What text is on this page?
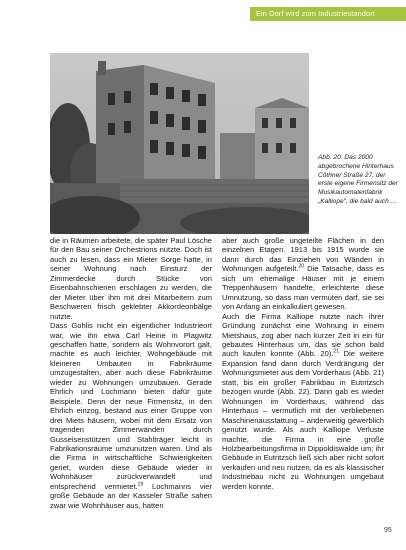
Ein Dorf wird zum Industriestandort
Abb. 20: Das 2000 abgebrochene Hinterhaus Cöthner Straße 27, der erste eigene Firmensitz der Musikautomatenfabrik „Kalliope“, die bald auch …

die in Räumen arbeitete, die später Paul Lösche für den Bau seiner Orchestrions nutzte. Doch ist auch zu lesen, dass ein Mieter Sorge hatte, in seiner Wohnung nach Einsturz der Zimmerdecke durch Stücke von Eisenbahnschienen erschlagen zu werden, die der Mieter über ihm mit drei Mitarbeitern zum Beschweren frisch geklebter Akkordeonbälge nutzte.

Dass Gohlis nicht ein eigentlicher Industrieort war, wie ihn etwa Carl Heine in Plagwitz geschaffen hatte, sondern als Wohnvorort galt, machte es auch leichter, Wohngebäude mit kleineren Umbauten in Fabrikräume umzugestalten, aber auch diese Fabrikräume wieder zu Wohnungen umzubauen. Gerade Ehrlich und Lochmann bieten dafür gute Beispiele. Denn der neue Firmensitz, in den Ehrlich einzog, bestand aus einer Gruppe von drei Miets häusern, wobei mit dem Ersatz von tragenden Zimmerwänden durch Gusseisenstützen und Stahlträger leicht in Fabrikationsräume umzunutzen waren. Und als die Firma in wirtschaftliche Schwierigkeiten geriet, wurden diese Gebäude wieder in Wohnhäuser zurückverwandelt und entsprechend vermietet.$^{19}$ Lochmanns vier große Gebäude an der Kasseler Straße sahen zwar wie Wohnhäuser aus, hatten

aber auch große ungeteilte Flächen in den einzelnen Etagen. 1913 bis 1915 wurde sie dann durch das Einziehen von Wänden in Wohnungen aufgeteilt.$^{20}$ Die Tatsache, dass es sich um ehemalige Häuser mit je einem Treppenhäusern handelte, erleichterte diese Umnutzung, so dass man vermuten darf, sie sei von Anfang an einkalkuliert gewesen.

Auch die Firma Kalliope nutzte nach ihrer Gründung zunächst eine Wohnung in einem Mietshaus, zog aber nach kurzer Zeit in ein für gebautes Hinterhaus um, das sie schon bald auch kaufen konnte (Abb. 20).$^{21}$ Die weitere Expansion fand dann durch Verdrängung der Wohnungsmieter aus dem Vorderhaus (Abb. 21) statt, bis ein großer Fabrikbau in Eutritzsch bezogen wurde (Abb. 22). Dann gab es wieder Wohnungen im Vorderhaus, während das Hinterhaus – vermutlich mit der verbliebenen Maschinenausstattung – anderweitig gewerblich genutzt wurde. Als auch Kalliope Verluste machte, die Firma in eine große Holzbearbeitungsfirma in Dippoldiswalde um; ihr Gebäude in Eutritzsch ließ sich aber nicht sofort verkaufen und neu nutzen, da es als klassischer Industriebau nicht zu Wohnungen umgebaut werden konnte.

95
